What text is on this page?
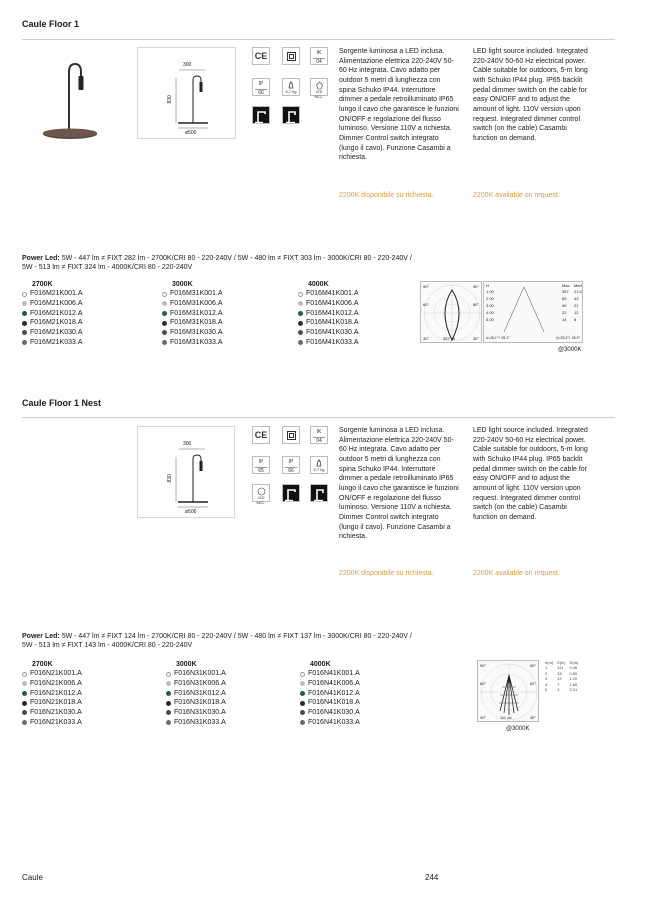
Caule Floor 1
300
830
ø500
CE	IK
04
IP
66	5,7 kg	LED INCL.
Sorgente luminosa a LED inclusa. Alimentazione elettrica 220-240V 50-60 Hz integrata. Cavo adatto per outdoor 5 metri di lunghezza con spina Schuko IP44. Interruttore dimmer a pedale retroilluminato IP65 lungo il cavo che garantisce le funzioni ON/OFF e regolazione del flusso luminoso. Versione 110V a richiesta. Dimmer Control switch integrato (lungo il cavo). Funzione Casambi a richiesta.
2200K disponibile su richiesta.
LED light source included. Integrated 220-240V 50-60 Hz electrical power. Cable suitable for outdoors, 5-m long with Schuko IP44 plug. IP65 backlit pedal dimmer switch on the cable for easy ON/OFF and to adjust the amount of light. 110V version upon request. Integrated dimmer control switch (on the cable) Casambi function on demand.
2200K available on request.
Power Led: 5W - 447 lm ≠ FIXT 282 lm - 2700K/CRI 80 - 220-240V / 5W - 480 lm ≠ FIXT 303 lm - 3000K/CRI 80 - 220-240V /
5W - 513 lm ≠ FIXT 324 lm - 4000K/CRI 80 - 220-240V
2700K
F016M21K001.A
F016M21K006.A
F016M21K012.A
F016M21K018.A
F016M21K030.A
F016M21K033.A
3000K
F016M31K001.A
F016M31K006.A
F016M31K012.A
F016M31K018.A
F016M31K030.A
F016M31K033.A
4000K
F016M41K001.A
F016M41K006.A
F016M41K012.A
F016M41K018.A
F016M41K030.A
F016M41K033.A
90°	90°
60°	60°
30°	30°
357 cd
H	Max Med
1.00	357	21.5
2.00	89	43
3.00	40	21
4.00	22	12
5.00	14	8
α=26,1°+ 26.1°	β=25,9°+ 25.9°
@3000K
Caule Floor 1 Nest
300
830
ø500
CE	IK
04
IP
65
IP
66	5,7 kg
LED INCL.
Sorgente luminosa a LED inclusa. Alimentazione elettrica 220-240V 50-60 Hz integrata. Cavo adatto per outdoor 5 metri di lunghezza con spina Schuko IP44. Interruttore dimmer a pedale retroilluminato IP65 lungo il cavo che garantisce le funzioni ON/OFF e regolazione del flusso luminoso. Versione 110V a richiesta. Dimmer Control switch integrato (lungo il cavo). Funzione Casambi a richiesta.
2200K disponibile su richiesta.
LED light source included. Integrated 220-240V 50-60 Hz electrical power. Cable suitable for outdoors, 5-m long with Schuko IP44 plug. IP65 backlit pedal dimmer switch on the cable for easy ON/OFF and to adjust the amount of light. 110V version upon request. Integrated dimmer control switch (on the cable) Casambi function on demand.
2200K available on request.
Power Led: 5W - 447 lm ≠ FIXT 124 lm - 2700K/CRI 80 - 220-240V / 5W - 480 lm ≠ FIXT 137 lm - 3000K/CRI 80 - 220-240V /
5W - 513 lm ≠ FIXT 143 lm - 4000K/CRI 80 - 220-240V
2700K
F016N21K001.A
F016N21K006.A
F016N21K012.A
F016N21K018.A
F016N21K030.A
F016N21K033.A
3000K
F016N31K001.A
F016N31K006.A
F016N31K012.A
F016N31K018.A
F016N31K030.A
F016N31K033.A
4000K
F016N41K001.A
F016N41K006.A
F016N41K012.A
F016N41K018.A
F016N41K030.A
F016N41K033.A
90°	90°
60°	60°
30°	30°
111 cd
h(m)	E(lx)	D(m)
1	111	0.40
2	28	0.80
3	12	1.20
4	7	1.60
5	4	2.01
@3000K
Caule	244
